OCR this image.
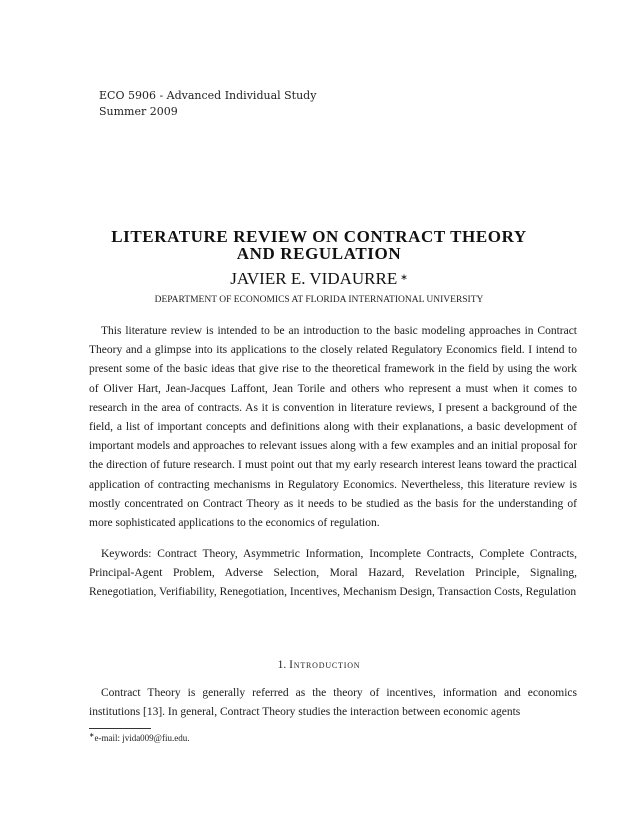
ECO 5906 - Advanced Individual Study
Summer 2009
LITERATURE REVIEW ON CONTRACT THEORY
AND REGULATION
JAVIER E. VIDAURRE ∗
DEPARTMENT OF ECONOMICS AT FLORIDA INTERNATIONAL UNIVERSITY
This literature review is intended to be an introduction to the basic modeling approaches in Contract Theory and a glimpse into its applications to the closely related Regulatory Economics field. I intend to present some of the basic ideas that give rise to the theoretical framework in the field by using the work of Oliver Hart, Jean-Jacques Laffont, Jean Torile and others who represent a must when it comes to research in the area of contracts. As it is convention in literature reviews, I present a background of the field, a list of important concepts and definitions along with their explanations, a basic development of important models and approaches to relevant issues along with a few examples and an initial proposal for the direction of future research. I must point out that my early research interest leans toward the practical application of contracting mechanisms in Regulatory Economics. Nevertheless, this literature review is mostly concentrated on Contract Theory as it needs to be studied as the basis for the understanding of more sophisticated applications to the economics of regulation.
Keywords: Contract Theory, Asymmetric Information, Incomplete Contracts, Complete Contracts, Principal-Agent Problem, Adverse Selection, Moral Hazard, Revelation Principle, Signaling, Renegotiation, Verifiability, Renegotiation, Incentives, Mechanism Design, Transaction Costs, Regulation
1. Introduction
Contract Theory is generally referred as the theory of incentives, information and economics institutions [13]. In general, Contract Theory studies the interaction between economic agents
∗e-mail: jvida009@fiu.edu.
